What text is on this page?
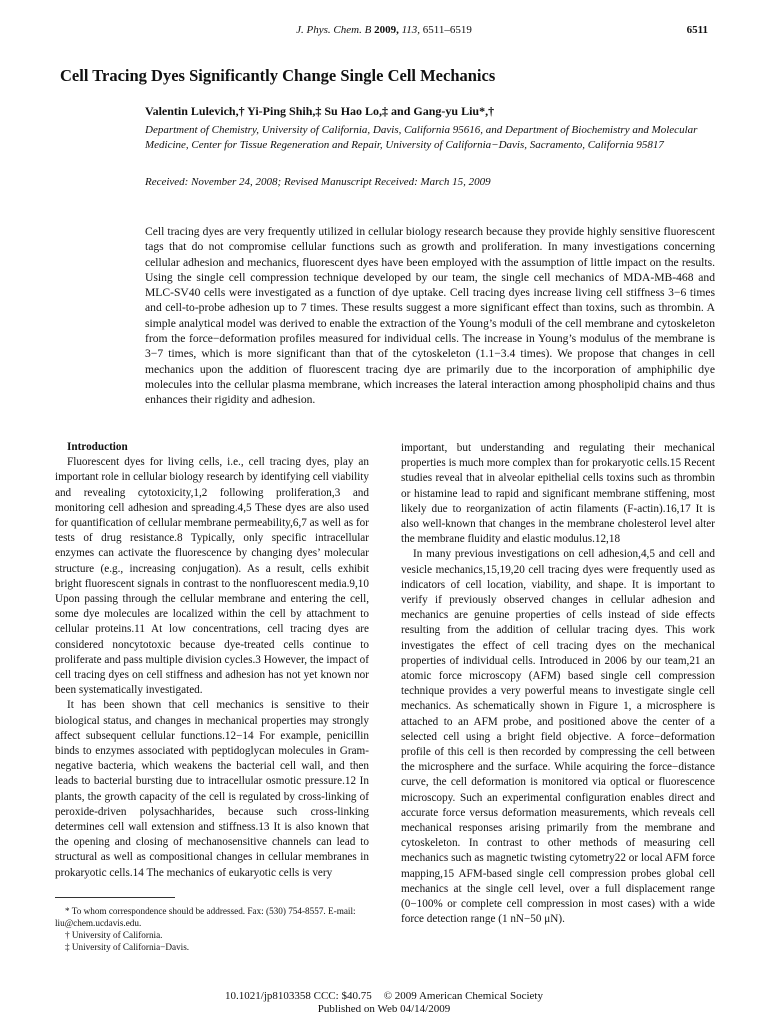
J. Phys. Chem. B 2009, 113, 6511–6519	6511
Cell Tracing Dyes Significantly Change Single Cell Mechanics
Valentin Lulevich,† Yi-Ping Shih,‡ Su Hao Lo,‡ and Gang-yu Liu*,†
Department of Chemistry, University of California, Davis, California 95616, and Department of Biochemistry and Molecular Medicine, Center for Tissue Regeneration and Repair, University of California−Davis, Sacramento, California 95817
Received: November 24, 2008; Revised Manuscript Received: March 15, 2009
Cell tracing dyes are very frequently utilized in cellular biology research because they provide highly sensitive fluorescent tags that do not compromise cellular functions such as growth and proliferation. In many investigations concerning cellular adhesion and mechanics, fluorescent dyes have been employed with the assumption of little impact on the results. Using the single cell compression technique developed by our team, the single cell mechanics of MDA-MB-468 and MLC-SV40 cells were investigated as a function of dye uptake. Cell tracing dyes increase living cell stiffness 3−6 times and cell-to-probe adhesion up to 7 times. These results suggest a more significant effect than toxins, such as thrombin. A simple analytical model was derived to enable the extraction of the Young’s moduli of the cell membrane and cytoskeleton from the force−deformation profiles measured for individual cells. The increase in Young’s modulus of the membrane is 3−7 times, which is more significant than that of the cytoskeleton (1.1−3.4 times). We propose that changes in cell mechanics upon the addition of fluorescent tracing dye are primarily due to the incorporation of amphiphilic dye molecules into the cellular plasma membrane, which increases the lateral interaction among phospholipid chains and thus enhances their rigidity and adhesion.

Introduction

Fluorescent dyes for living cells, i.e., cell tracing dyes, play an important role in cellular biology research by identifying cell viability and revealing cytotoxicity,1,2 following proliferation,3 and monitoring cell adhesion and spreading.4,5 These dyes are also used for quantification of cellular membrane permeability,6,7 as well as for tests of drug resistance.8 Typically, only specific intracellular enzymes can activate the fluorescence by changing dyes’ molecular structure (e.g., increasing conjugation). As a result, cells exhibit bright fluorescent signals in contrast to the nonfluorescent media.9,10 Upon passing through the cellular membrane and entering the cell, some dye molecules are localized within the cell by attachment to cellular proteins.11 At low concentrations, cell tracing dyes are considered noncytotoxic because dye-treated cells continue to proliferate and pass multiple division cycles.3 However, the impact of cell tracing dyes on cell stiffness and adhesion has not yet known nor been systematically investigated.

It has been shown that cell mechanics is sensitive to their biological status, and changes in mechanical properties may strongly affect subsequent cellular functions.12−14 For example, penicillin binds to enzymes associated with peptidoglycan molecules in Gram-negative bacteria, which weakens the bacterial cell wall, and then leads to bacterial bursting due to intracellular osmotic pressure.12 In plants, the growth capacity of the cell is regulated by cross-linking of peroxide-driven polysachharides, because such cross-linking determines cell wall extension and stiffness.13 It is also known that the opening and closing of mechanosensitive channels can lead to structural as well as compositional changes in cellular membranes in prokaryotic cells.14 The mechanics of eukaryotic cells is very

important, but understanding and regulating their mechanical properties is much more complex than for prokaryotic cells.15 Recent studies reveal that in alveolar epithelial cells toxins such as thrombin or histamine lead to rapid and significant membrane stiffening, most likely due to reorganization of actin filaments (F-actin).16,17 It is also well-known that changes in the membrane cholesterol level alter the membrane fluidity and elastic modulus.12,18

In many previous investigations on cell adhesion,4,5 and cell and vesicle mechanics,15,19,20 cell tracing dyes were frequently used as indicators of cell location, viability, and shape. It is important to verify if previously observed changes in cellular adhesion and mechanics are genuine properties of cells instead of side effects resulting from the addition of cellular tracing dyes. This work investigates the effect of cell tracing dyes on the mechanical properties of individual cells. Introduced in 2006 by our team,21 an atomic force microscopy (AFM) based single cell compression technique provides a very powerful means to investigate single cell mechanics. As schematically shown in Figure 1, a microsphere is attached to an AFM probe, and positioned above the center of a selected cell using a bright field objective. A force−deformation profile of this cell is then recorded by compressing the cell between the microsphere and the surface. While acquiring the force−distance curve, the cell deformation is monitored via optical or fluorescence microscopy. Such an experimental configuration enables direct and accurate force versus deformation measurements, which reveals cell mechanical responses arising primarily from the membrane and cytoskeleton. In contrast to other methods of measuring cell mechanics such as magnetic twisting cytometry22 or local AFM force mapping,15 AFM-based single cell compression probes global cell mechanics at the single cell level, over a full displacement range (0−100% or complete cell compression in most cases) with a wide force detection range (1 nN−50 μN).

* To whom correspondence should be addressed. Fax: (530) 754-8557. E-mail: liu@chem.ucdavis.edu.
† University of California.
‡ University of California−Davis.
10.1021/jp8103358 CCC: $40.75 © 2009 American Chemical Society
Published on Web 04/14/2009
